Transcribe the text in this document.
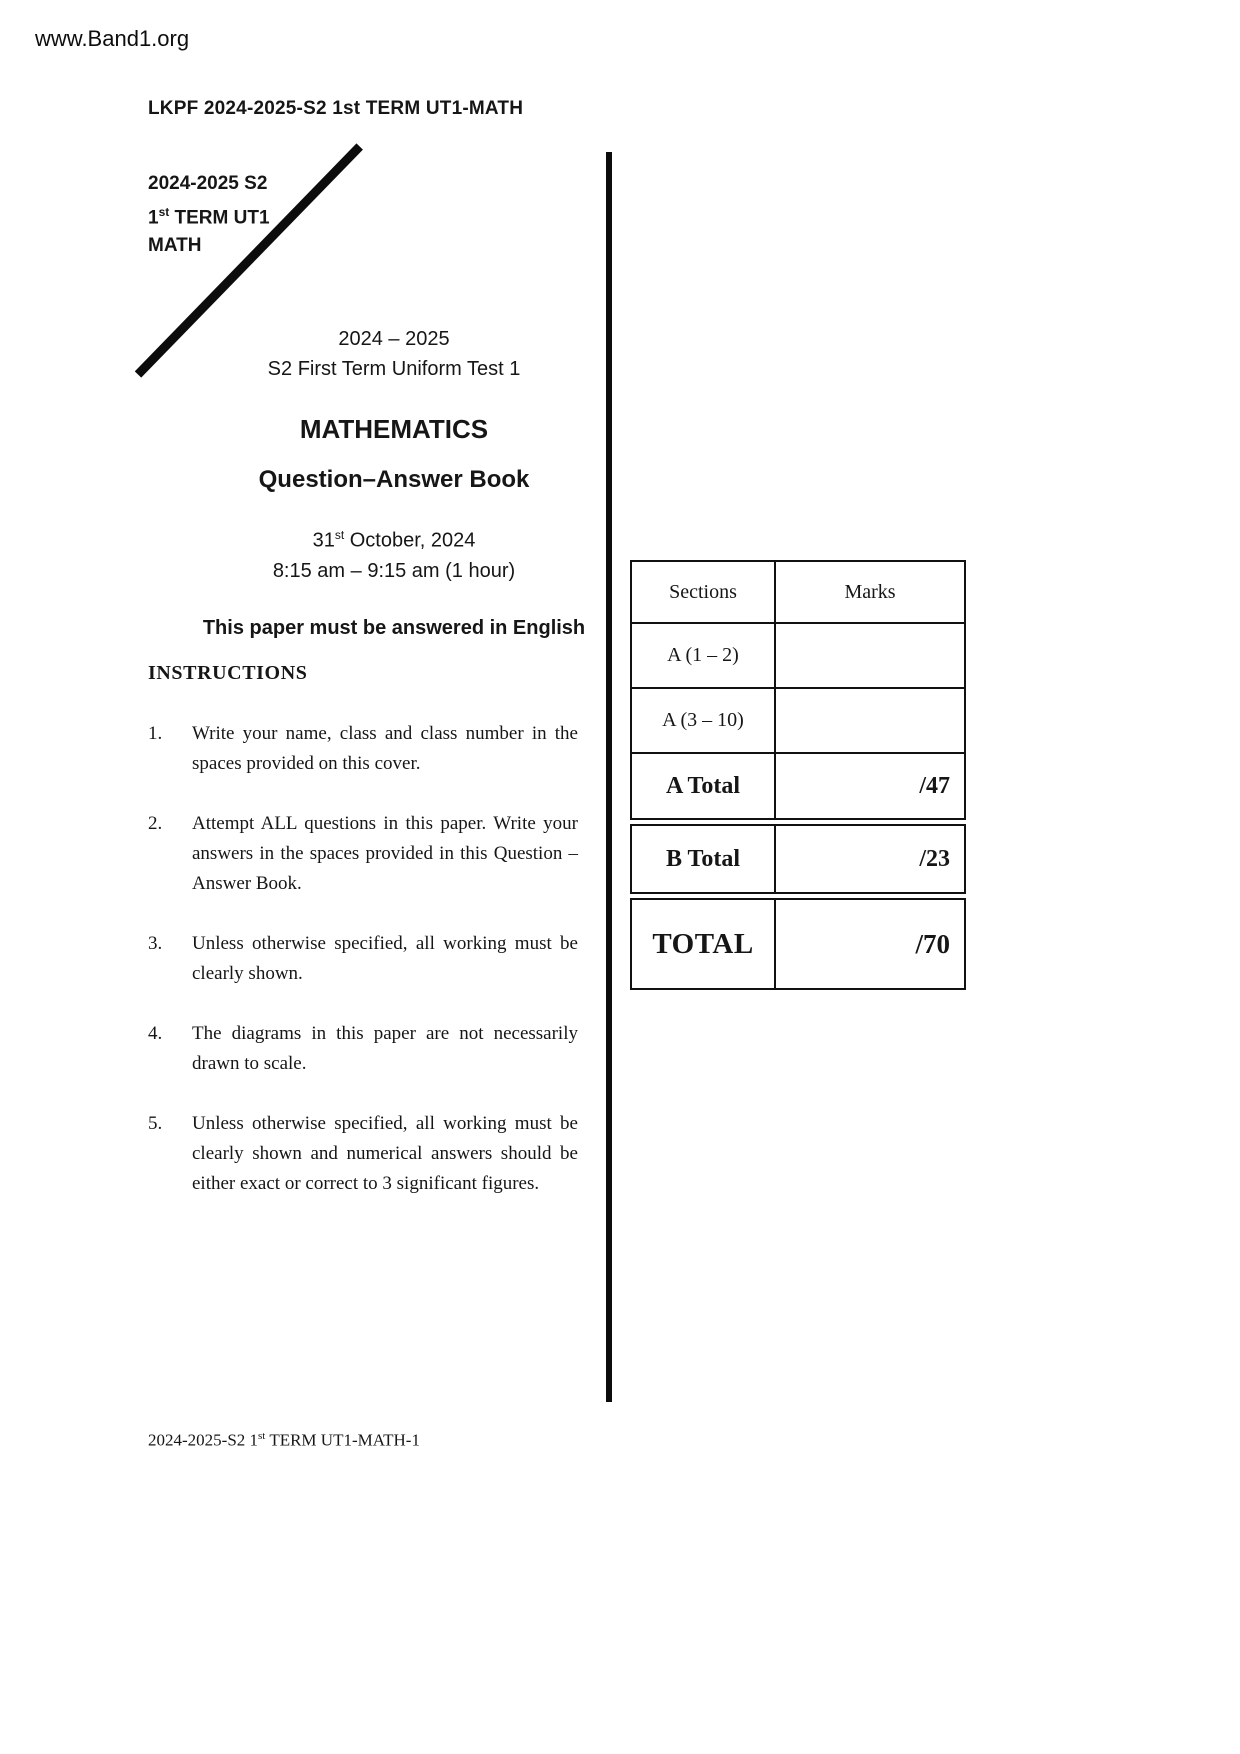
www.Band1.org
LKPF 2024-2025-S2 1st TERM UT1-MATH
2024-2025 S2
1st TERM UT1
MATH
2024 – 2025
S2 First Term Uniform Test 1
MATHEMATICS
Question–Answer Book
31st October, 2024
8:15 am – 9:15 am (1 hour)
This paper must be answered in English
INSTRUCTIONS
1.	Write your name, class and class number in the spaces provided on this cover.
2.	Attempt ALL questions in this paper. Write your answers in the spaces provided in this Question – Answer Book.
3.	Unless otherwise specified, all working must be clearly shown.
4.	The diagrams in this paper are not necessarily drawn to scale.
5.	Unless otherwise specified, all working must be clearly shown and numerical answers should be either exact or correct to 3 significant figures.
Sections	Marks
A (1 – 2)
A (3 – 10)
A Total	/47
B Total	/23
TOTAL	/70
2024-2025-S2 1st TERM UT1-MATH-1
